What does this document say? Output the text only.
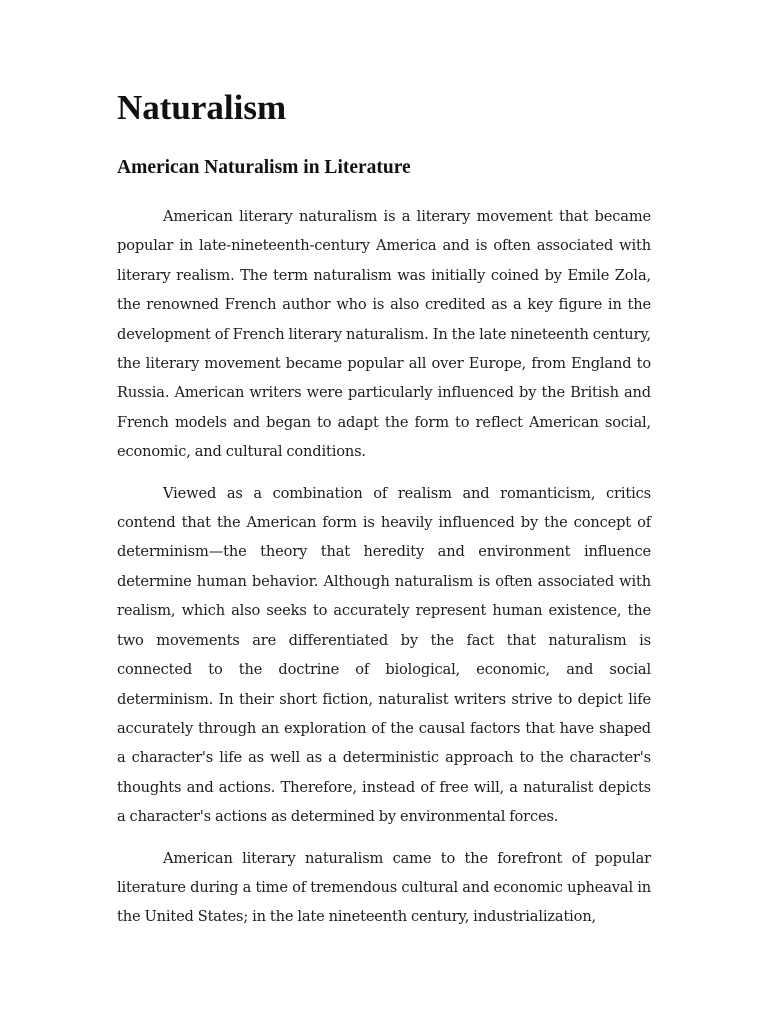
Naturalism
American Naturalism in Literature

American literary naturalism is a literary movement that became popular in late-nineteenth-century America and is often associated with literary realism. The term naturalism was initially coined by Emile Zola, the renowned French author who is also credited as a key figure in the development of French literary naturalism. In the late nineteenth century, the literary movement became popular all over Europe, from England to Russia. American writers were particularly influenced by the British and French models and began to adapt the form to reflect American social, economic, and cultural conditions.

Viewed as a combination of realism and romanticism, critics contend that the American form is heavily influenced by the concept of determinism—the theory that heredity and environment influence determine human behavior. Although naturalism is often associated with realism, which also seeks to accurately represent human existence, the two movements are differentiated by the fact that naturalism is connected to the doctrine of biological, economic, and social determinism. In their short fiction, naturalist writers strive to depict life accurately through an exploration of the causal factors that have shaped a character's life as well as a deterministic approach to the character's thoughts and actions. Therefore, instead of free will, a naturalist depicts a character's actions as determined by environmental forces.

American literary naturalism came to the forefront of popular literature during a time of tremendous cultural and economic upheaval in the United States; in the late nineteenth century, industrialization,
